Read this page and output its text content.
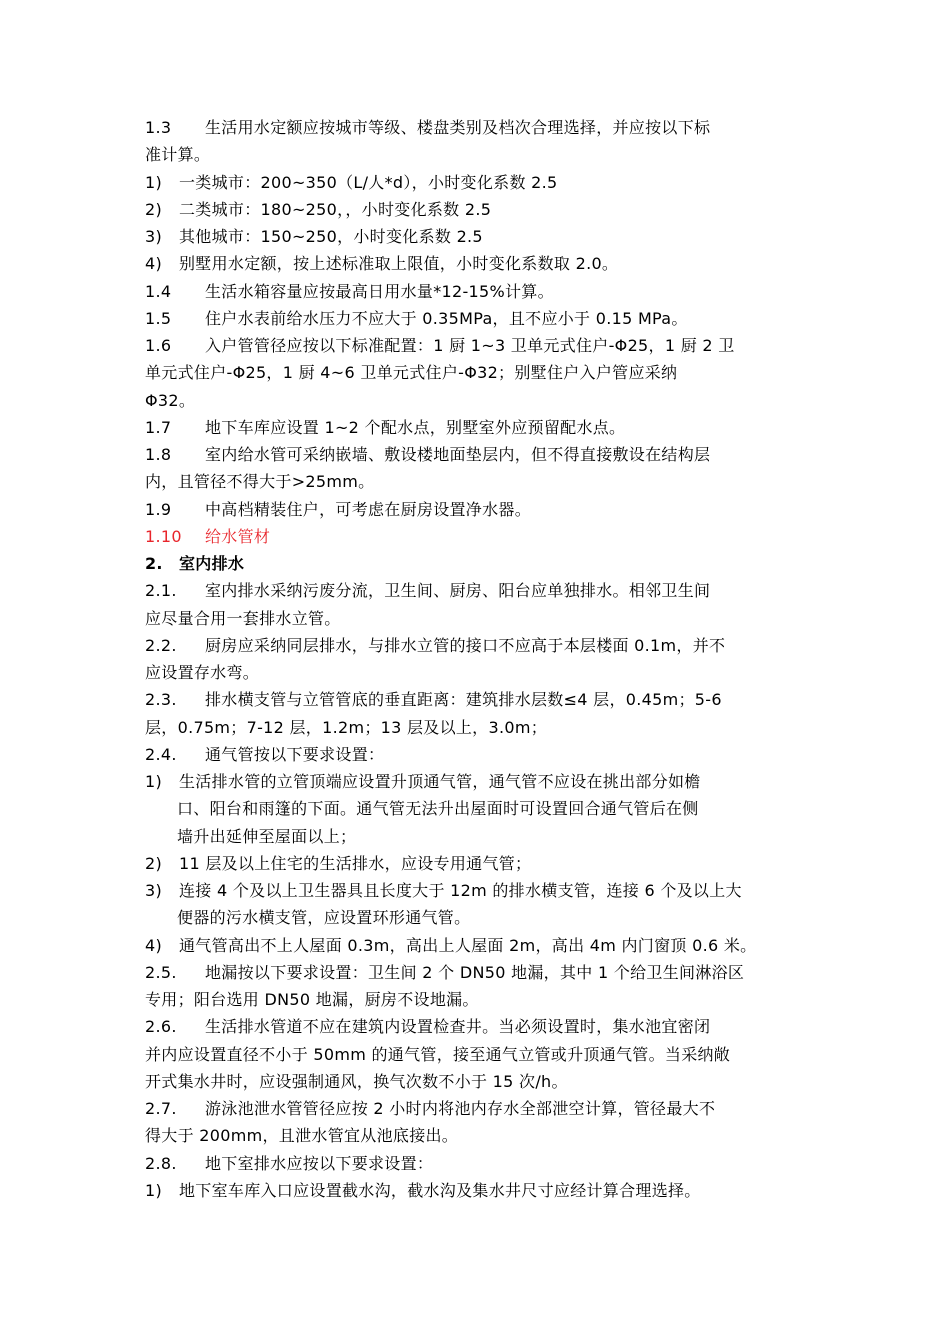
1.3 生活用水定额应按城市等级、楼盘类别及档次合理选择，并应按以下标
准计算。
1) 一类城市：200~350（L/人*d），小时变化系数 2.5
2) 二类城市：180~250，，小时变化系数 2.5
3) 其他城市：150~250，小时变化系数 2.5
4) 别墅用水定额，按上述标准取上限值，小时变化系数取 2.0。
1.4 生活水箱容量应按最高日用水量*12-15%计算。
1.5 住户水表前给水压力不应大于 0.35MPa，且不应小于 0.15 MPa。
1.6 入户管管径应按以下标准配置：1 厨 1~3 卫单元式住户-Φ25，1 厨 2 卫
单元式住户-Φ25，1 厨 4~6 卫单元式住户-Φ32；别墅住户入户管应采纳
Φ32。
1.7 地下车库应设置 1~2 个配水点，别墅室外应预留配水点。
1.8 室内给水管可采纳嵌墙、敷设楼地面垫层内，但不得直接敷设在结构层
内，且管径不得大于>25mm。
1.9 中高档精装住户，可考虑在厨房设置净水器。
1.10 给水管材
2. 室内排水
2.1. 室内排水采纳污废分流，卫生间、厨房、阳台应单独排水。相邻卫生间
应尽量合用一套排水立管。
2.2. 厨房应采纳同层排水，与排水立管的接口不应高于本层楼面 0.1m，并不
应设置存水弯。
2.3. 排水横支管与立管管底的垂直距离：建筑排水层数≤4 层，0.45m；5-6
层，0.75m；7-12 层，1.2m；13 层及以上，3.0m；
2.4. 通气管按以下要求设置：
1) 生活排水管的立管顶端应设置升顶通气管，通气管不应设在挑出部分如檐
口、阳台和雨篷的下面。通气管无法升出屋面时可设置回合通气管后在侧
墙升出延伸至屋面以上；
2) 11 层及以上住宅的生活排水，应设专用通气管；
3) 连接 4 个及以上卫生器具且长度大于 12m 的排水横支管，连接 6 个及以上大
便器的污水横支管，应设置环形通气管。
4) 通气管高出不上人屋面 0.3m，高出上人屋面 2m，高出 4m 内门窗顶 0.6 米。
2.5. 地漏按以下要求设置：卫生间 2 个 DN50 地漏，其中 1 个给卫生间淋浴区
专用；阳台选用 DN50 地漏，厨房不设地漏。
2.6. 生活排水管道不应在建筑内设置检查井。当必须设置时，集水池宜密闭
并内应设置直径不小于 50mm 的通气管，接至通气立管或升顶通气管。当采纳敞
开式集水井时，应设强制通风，换气次数不小于 15 次/h。
2.7. 游泳池泄水管管径应按 2 小时内将池内存水全部泄空计算，管径最大不
得大于 200mm，且泄水管宜从池底接出。
2.8. 地下室排水应按以下要求设置：
1) 地下室车库入口应设置截水沟，截水沟及集水井尺寸应经计算合理选择。
